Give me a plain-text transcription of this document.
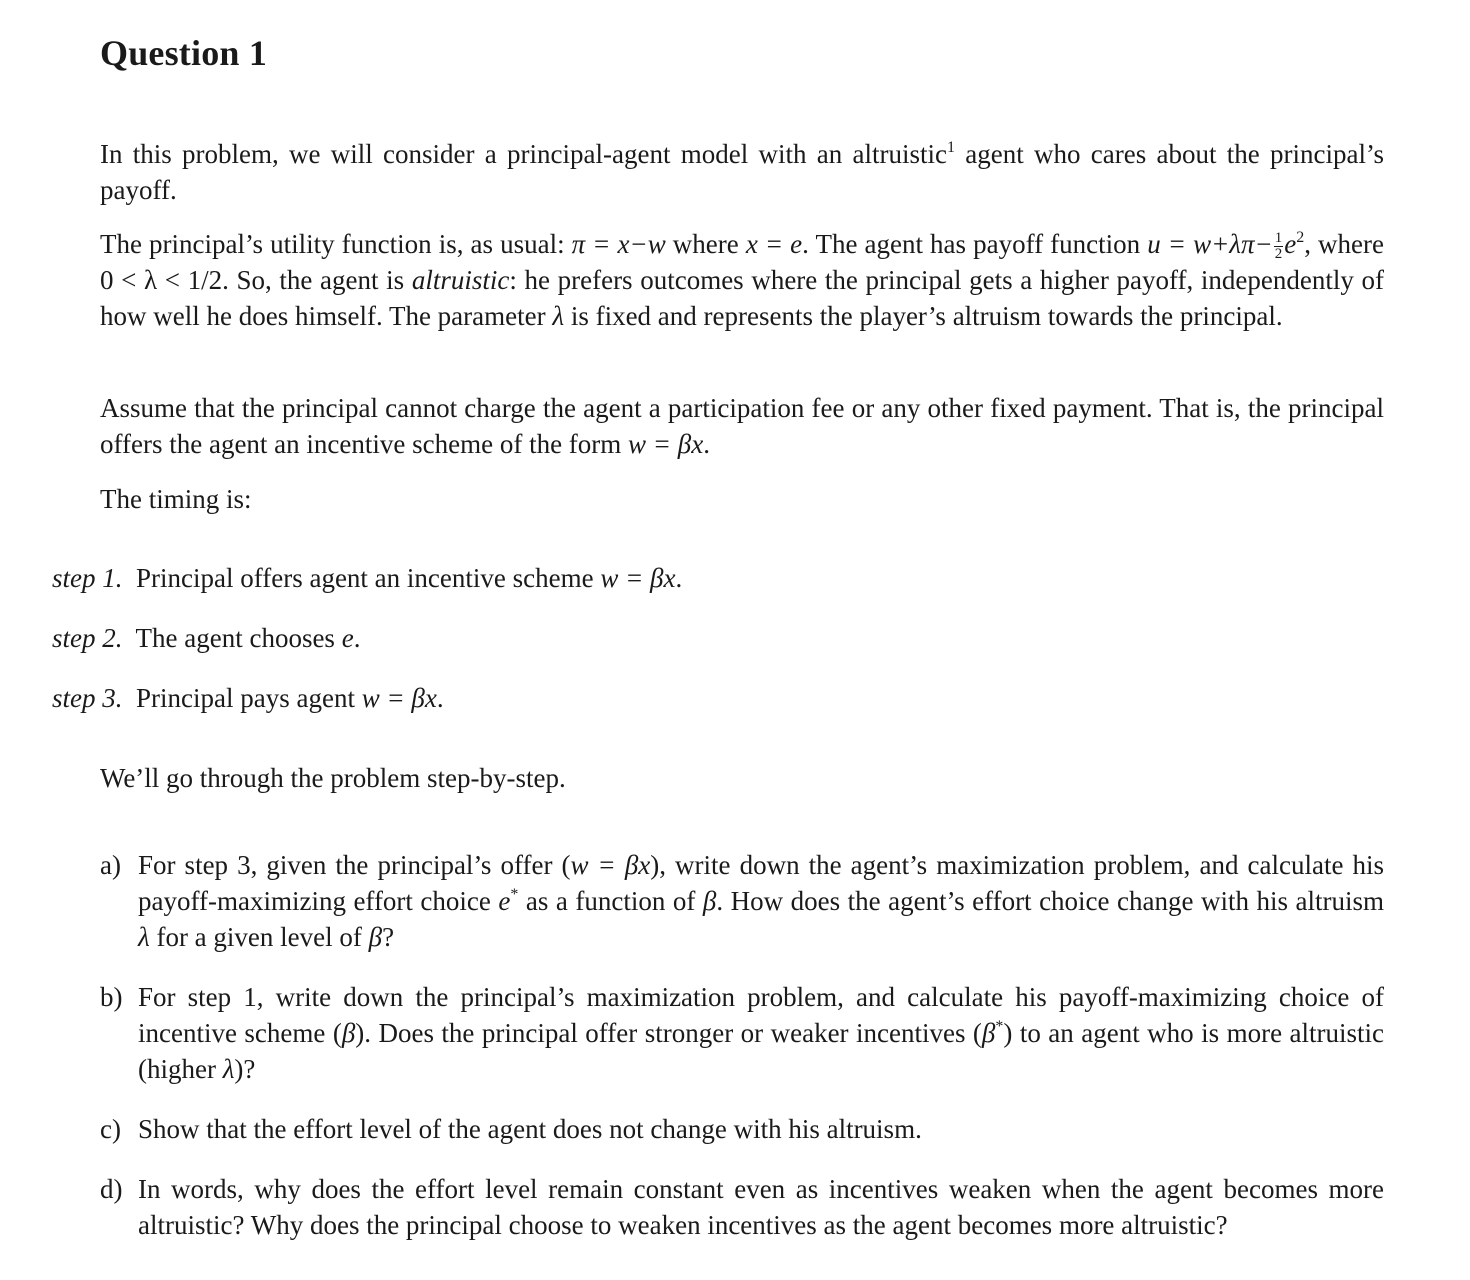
Question 1

In this problem, we will consider a principal-agent model with an altruistic$^1$ agent who cares about the principal’s payoff.

The principal’s utility function is, as usual: π = x−w where x = e. The agent has payoff function $u = w+\lambda\pi- \frac{1}{2} e^2$, where 0 < λ < 1/2. So, the agent is altruistic: he prefers outcomes where the principal gets a higher payoff, independently of how well he does himself. The parameter λ is fixed and represents the player’s altruism towards the principal.

Assume that the principal cannot charge the agent a participation fee or any other fixed payment. That is, the principal offers the agent an incentive scheme of the form w = βx.

The timing is:

step 1. Principal offers agent an incentive scheme w = βx.

step 2. The agent chooses e.

step 3. Principal pays agent w = βx.

We’ll go through the problem step-by-step.

a) For step 3, given the principal’s offer (w = βx), write down the agent’s maximization problem, and calculate his payoff-maximizing effort choice e* as a function of β. How does the agent’s effort choice change with his altruism λ for a given level of β?
b) For step 1, write down the principal’s maximization problem, and calculate his payoff-maximizing choice of incentive scheme (β). Does the principal offer stronger or weaker incentives (β*) to an agent who is more altruistic (higher λ)?
c) Show that the effort level of the agent does not change with his altruism.
d) In words, why does the effort level remain constant even as incentives weaken when the agent becomes more altruistic? Why does the principal choose to weaken incentives as the agent becomes more altruistic?
